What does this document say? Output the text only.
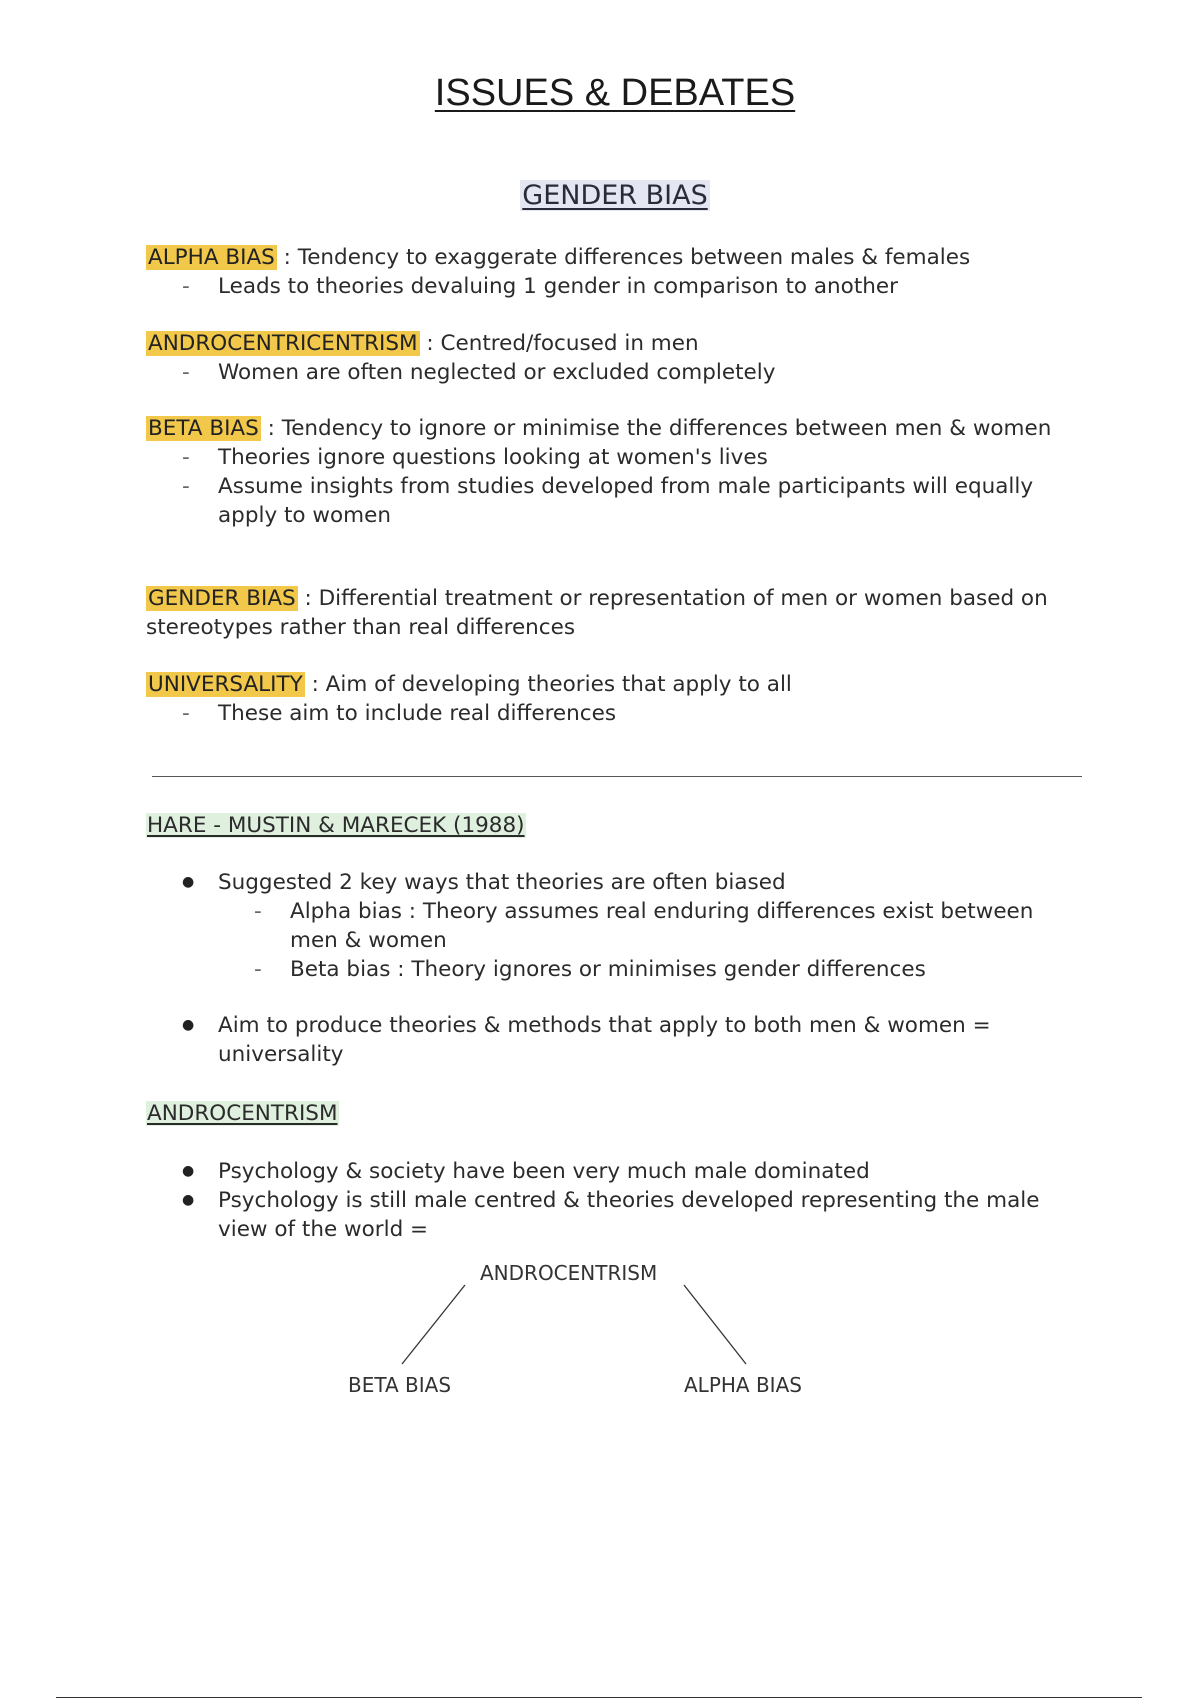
ISSUES & DEBATES
GENDER BIAS

ALPHA BIAS : Tendency to exaggerate differences between males & females

- Leads to theories devaluing 1 gender in comparison to another

ANDROCENTRICENTRISM : Centred/focused in men

- Women are often neglected or excluded completely

BETA BIAS : Tendency to ignore or minimise the differences between men & women

- Theories ignore questions looking at women's lives
- Assume insights from studies developed from male participants will equally apply to women

GENDER BIAS : Differential treatment or representation of men or women based on stereotypes rather than real differences

UNIVERSALITY : Aim of developing theories that apply to all

- These aim to include real differences

HARE - MUSTIN & MARECEK (1988)

● Suggested 2 key ways that theories are often biased
- Alpha bias : Theory assumes real enduring differences exist between men & women
- Beta bias : Theory ignores or minimises gender differences
● Aim to produce theories & methods that apply to both men & women = universality

ANDROCENTRISM

● Psychology & society have been very much male dominated
● Psychology is still male centred & theories developed representing the male view of the world =
ANDROCENTRISM
BETA BIAS	ALPHA BIAS
